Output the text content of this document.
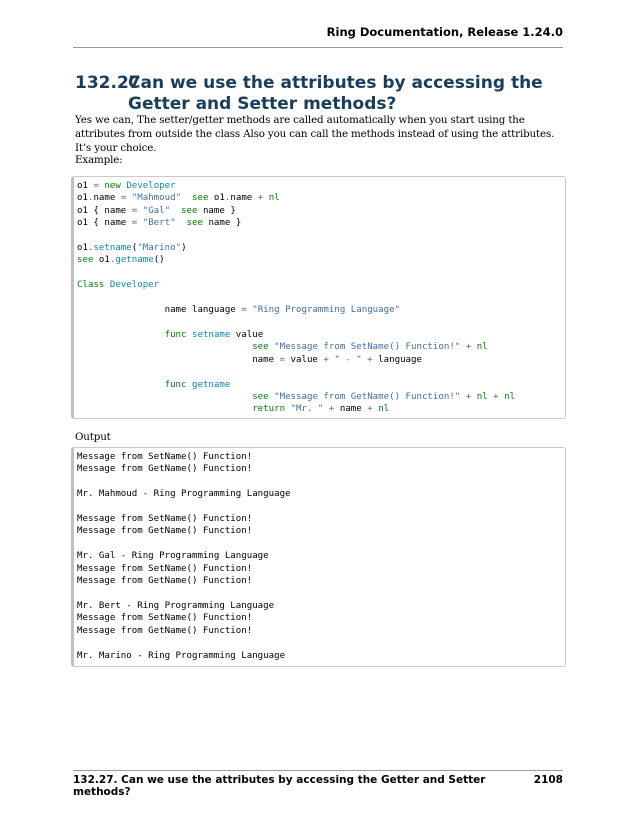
Ring Documentation, Release 1.24.0
132.27
Can we use the attributes by accessing the Getter and Setter methods?

Yes we can, The setter/getter methods are called automatically when you start using the attributes from outside the class Also you can call the methods instead of using the attributes. It’s your choice.

Example:

o1 = new Developer
o1.name = "Mahmoud" see o1.name + nl
o1 { name = "Gal" see name }
o1 { name = "Bert" see name }

o1.setname("Marino")
see o1.getname()

Class Developer

name language = "Ring Programming Language"

func setname value
see "Message from SetName() Function!" + nl
name = value + " - " + language

func getname
see "Message from GetName() Function!" + nl + nl
return "Mr. " + name + nl

Output

Message from SetName() Function!
Message from GetName() Function!

Mr. Mahmoud - Ring Programming Language

Message from SetName() Function!
Message from GetName() Function!

Mr. Gal - Ring Programming Language
Message from SetName() Function!
Message from GetName() Function!

Mr. Bert - Ring Programming Language
Message from SetName() Function!
Message from GetName() Function!

Mr. Marino - Ring Programming Language
132.27. Can we use the attributes by accessing the Getter and Setter methods?
2108
